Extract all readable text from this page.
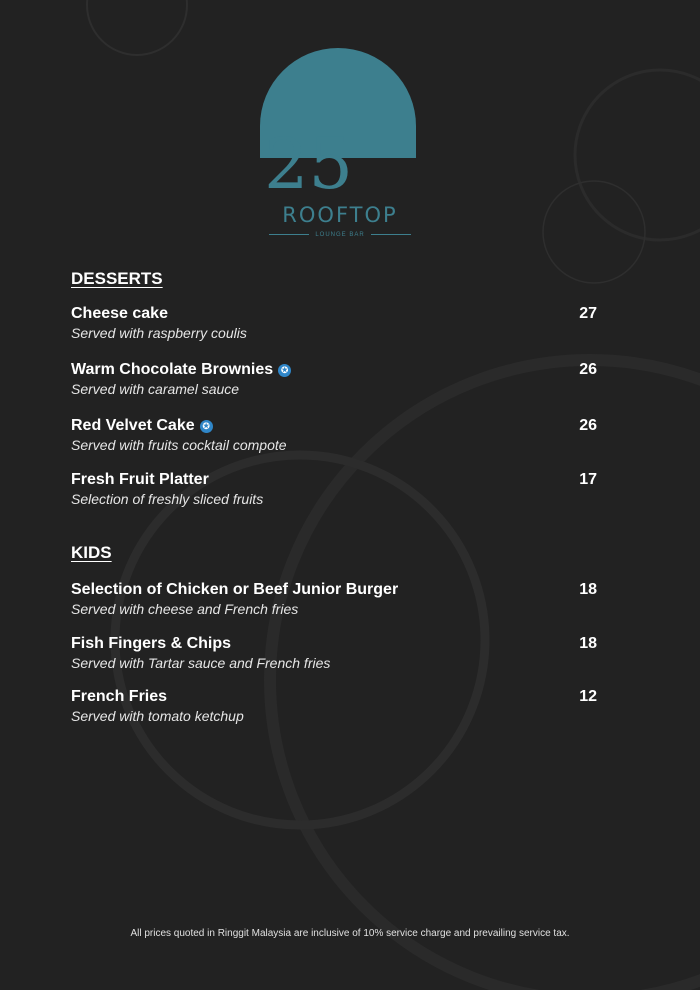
25
ROOFTOP
LOUNGE BAR
DESSERTS
Cheese cake
Served with raspberry coulis
27
Warm Chocolate Brownies ✪
Served with caramel sauce
26
Red Velvet Cake ✪
Served with fruits cocktail compote
26
Fresh Fruit Platter
Selection of freshly sliced fruits
17
KIDS
Selection of Chicken or Beef Junior Burger
Served with cheese and French fries
18
Fish Fingers & Chips
Served with Tartar sauce and French fries
18
French Fries
Served with tomato ketchup
12
All prices quoted in Ringgit Malaysia are inclusive of 10% service charge and prevailing service tax.
